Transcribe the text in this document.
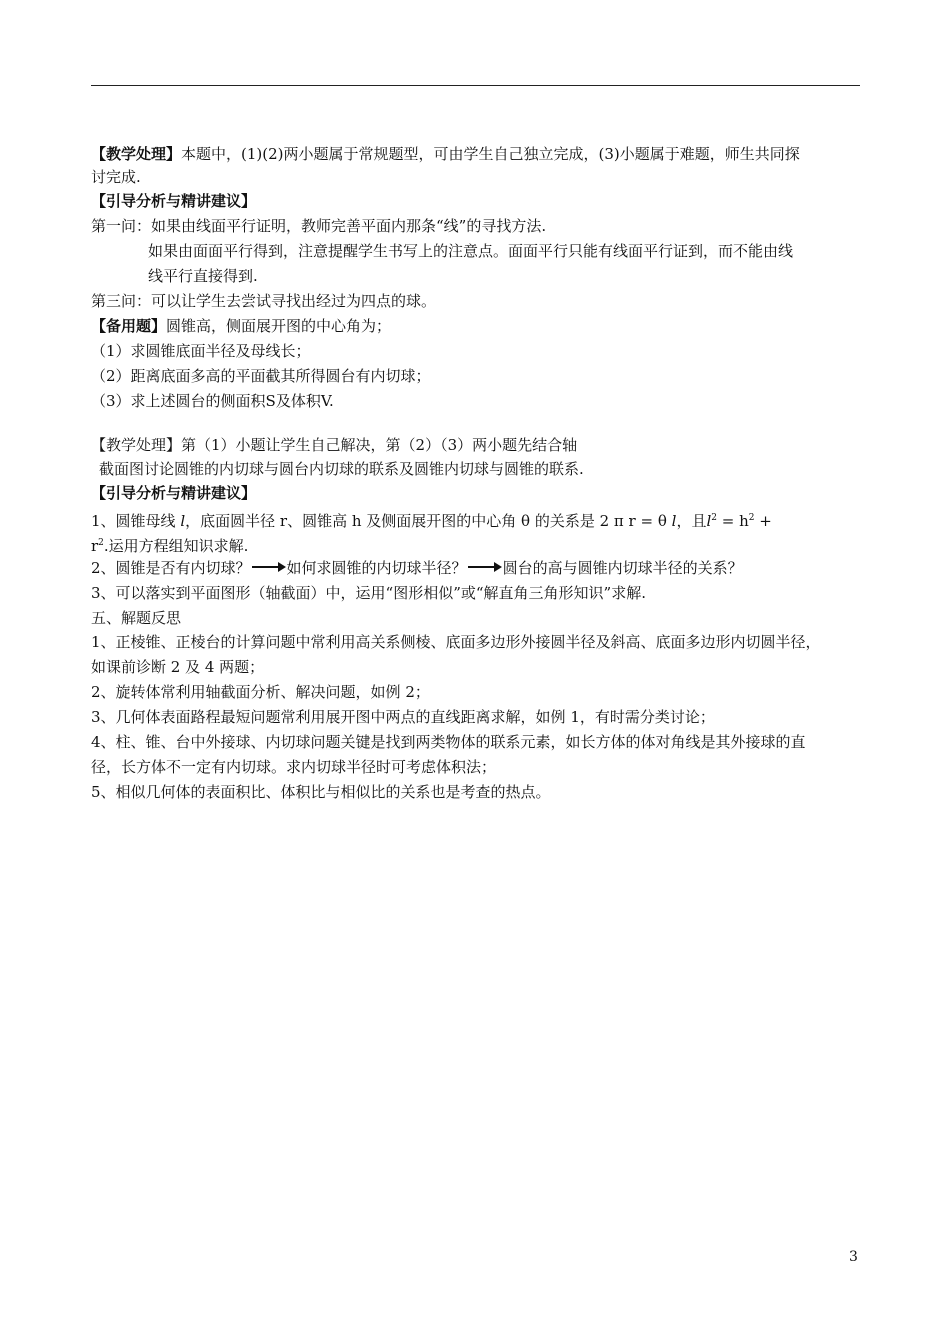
【教学处理】本题中，(1)(2)两小题属于常规题型，可由学生自己独立完成，(3)小题属于难题，师生共同探
讨完成.
【引导分析与精讲建议】
第一问：如果由线面平行证明，教师完善平面内那条“线”的寻找方法.
如果由面面平行得到，注意提醒学生书写上的注意点。面面平行只能有线面平行证到，而不能由线
线平行直接得到.
第三问：可以让学生去尝试寻找出经过为四点的球。
【备用题】圆锥高，侧面展开图的中心角为；
（1）求圆锥底面半径及母线长；
（2）距离底面多高的平面截其所得圆台有内切球；
（3）求上述圆台的侧面积S及体积V.
【教学处理】第（1）小题让学生自己解决，第（2）（3）两小题先结合轴
截面图讨论圆锥的内切球与圆台内切球的联系及圆锥内切球与圆锥的联系.
【引导分析与精讲建议】
1、圆锥母线 l，底面圆半径 r、圆锥高 h 及侧面展开图的中心角 θ 的关系是 2 π r = θ l，且$l^2 = h^2$ +
$r^2$.运用方程组知识求解.
2、圆锥是否有内切球？ 如何求圆锥的内切球半径？ 圆台的高与圆锥内切球半径的关系？
3、可以落实到平面图形（轴截面）中，运用“图形相似”或“解直角三角形知识”求解.
五、解题反思
1、正棱锥、正棱台的计算问题中常利用高关系侧棱、底面多边形外接圆半径及斜高、底面多边形内切圆半径，
如课前诊断 2 及 4 两题；
2、旋转体常利用轴截面分析、解决问题，如例 2；
3、几何体表面路程最短问题常利用展开图中两点的直线距离求解，如例 1，有时需分类讨论；
4、柱、锥、台中外接球、内切球问题关键是找到两类物体的联系元素，如长方体的体对角线是其外接球的直
径，长方体不一定有内切球。求内切球半径时可考虑体积法；
5、相似几何体的表面积比、体积比与相似比的关系也是考查的热点。
3
